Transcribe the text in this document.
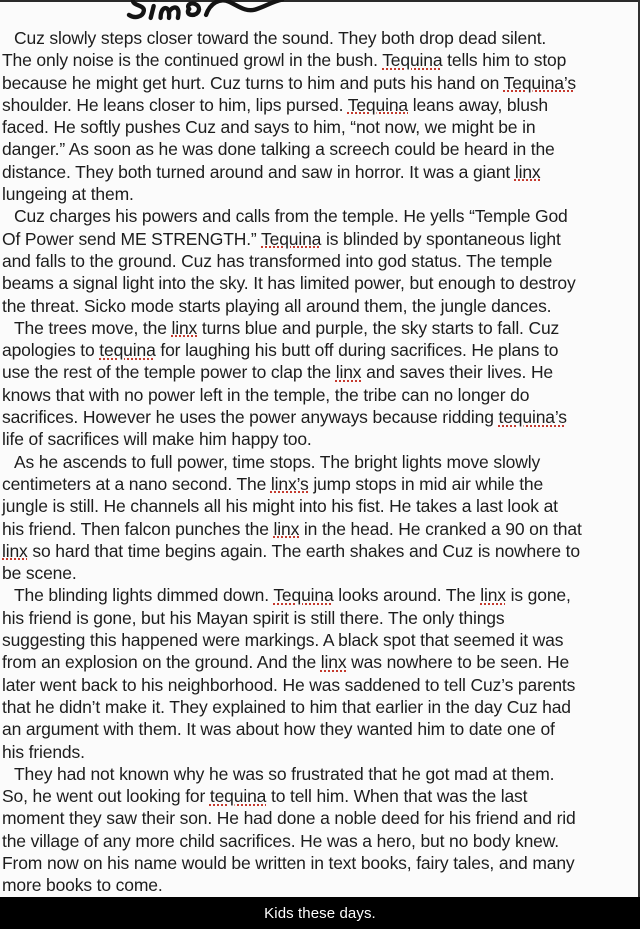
Cuz slowly steps closer toward the sound. They both drop dead silent.
The only noise is the continued growl in the bush. Tequina tells him to stop
because he might get hurt. Cuz turns to him and puts his hand on Tequina’s
shoulder. He leans closer to him, lips pursed. Tequina leans away, blush
faced. He softly pushes Cuz and says to him, “not now, we might be in
danger.” As soon as he was done talking a screech could be heard in the
distance. They both turned around and saw in horror. It was a giant linx
lungeing at them.
Cuz charges his powers and calls from the temple. He yells “Temple God
Of Power send ME STRENGTH.” Tequina is blinded by spontaneous light
and falls to the ground. Cuz has transformed into god status. The temple
beams a signal light into the sky. It has limited power, but enough to destroy
the threat. Sicko mode starts playing all around them, the jungle dances.
The trees move, the linx turns blue and purple, the sky starts to fall. Cuz
apologies to tequina for laughing his butt off during sacrifices. He plans to
use the rest of the temple power to clap the linx and saves their lives. He
knows that with no power left in the temple, the tribe can no longer do
sacrifices. However he uses the power anyways because ridding tequina’s
life of sacrifices will make him happy too.
As he ascends to full power, time stops. The bright lights move slowly
centimeters at a nano second. The linx’s jump stops in mid air while the
jungle is still. He channels all his might into his fist. He takes a last look at
his friend. Then falcon punches the linx in the head. He cranked a 90 on that
linx so hard that time begins again. The earth shakes and Cuz is nowhere to
be scene.
The blinding lights dimmed down. Tequina looks around. The linx is gone,
his friend is gone, but his Mayan spirit is still there. The only things
suggesting this happened were markings. A black spot that seemed it was
from an explosion on the ground. And the linx was nowhere to be seen. He
later went back to his neighborhood. He was saddened to tell Cuz’s parents
that he didn’t make it. They explained to him that earlier in the day Cuz had
an argument with them. It was about how they wanted him to date one of
his friends.
They had not known why he was so frustrated that he got mad at them.
So, he went out looking for tequina to tell him. When that was the last
moment they saw their son. He had done a noble deed for his friend and rid
the village of any more child sacrifices. He was a hero, but no body knew.
From now on his name would be written in text books, fairy tales, and many
more books to come.
Kids these days.
